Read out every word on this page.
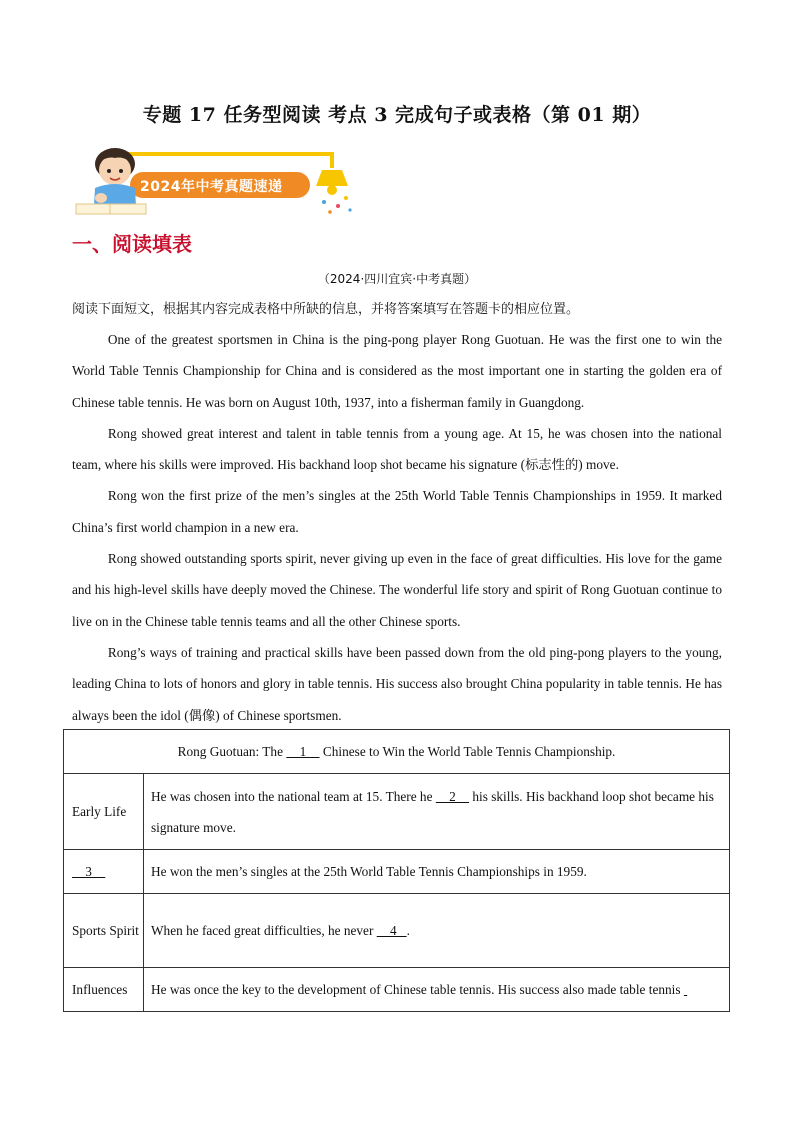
专题 17 任务型阅读 考点 3 完成句子或表格（第 01 期）
2024年中考真题速递
一、阅读填表
（2024·四川宜宾·中考真题）
阅读下面短文，根据其内容完成表格中所缺的信息，并将答案填写在答题卡的相应位置。

One of the greatest sportsmen in China is the ping-pong player Rong Guotuan. He was the first one to win the World Table Tennis Championship for China and is considered as the most important one in starting the golden era of Chinese table tennis. He was born on August 10th, 1937, into a fisherman family in Guangdong.

Rong showed great interest and talent in table tennis from a young age. At 15, he was chosen into the national team, where his skills were improved. His backhand loop shot became his signature (标志性的) move.

Rong won the first prize of the men’s singles at the 25th World Table Tennis Championships in 1959. It marked China’s first world champion in a new era.

Rong showed outstanding sports spirit, never giving up even in the face of great difficulties. His love for the game and his high-level skills have deeply moved the Chinese. The wonderful life story and spirit of Rong Guotuan continue to live on in the Chinese table tennis teams and all the other Chinese sports.

Rong’s ways of training and practical skills have been passed down from the old ping-pong players to the young, leading China to lots of honors and glory in table tennis. His success also brought China popularity in table tennis. He has always been the idol (偶像) of Chinese sportsmen.

Rong Guotuan: The     1     Chinese to Win the World Table Tennis Championship.	
Early Life	He was chosen into the national team at 15. There he     2     his skills. His backhand loop shot became his signature move.
3	He won the men’s singles at the 25th World Table Tennis Championships in 1959.
Sports Spirit	When he faced great difficulties, he never     4   .
Influences	He was once the key to the development of Chinese table tennis. His success also made table tennis
